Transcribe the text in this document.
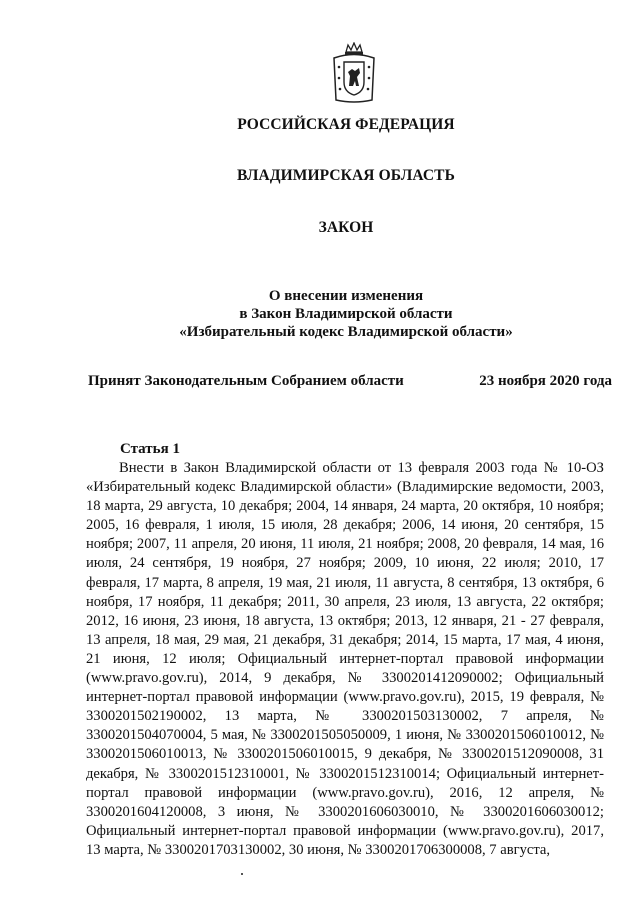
РОССИЙСКАЯ ФЕДЕРАЦИЯ
ВЛАДИМИРСКАЯ ОБЛАСТЬ
ЗАКОН
О внесении изменения
в Закон Владимирской области
«Избирательный кодекс Владимирской области»
Принят Законодательным Собранием области	23 ноября 2020 года
Статья 1
Внести в Закон Владимирской области от 13 февраля 2003 года № 10-ОЗ «Избирательный кодекс Владимирской области» (Владимирские ведомости, 2003, 18 марта, 29 августа, 10 декабря; 2004, 14 января, 24 марта, 20 октября, 10 ноября; 2005, 16 февраля, 1 июля, 15 июля, 28 декабря; 2006, 14 июня, 20 сентября, 15 ноября; 2007, 11 апреля, 20 июня, 11 июля, 21 ноября; 2008, 20 февраля, 14 мая, 16 июля, 24 сентября, 19 ноября, 27 ноября; 2009, 10 июня, 22 июля; 2010, 17 февраля, 17 марта, 8 апреля, 19 мая, 21 июля, 11 августа, 8 сентября, 13 октября, 6 ноября, 17 ноября, 11 декабря; 2011, 30 апреля, 23 июля, 13 августа, 22 октября; 2012, 16 июня, 23 июня, 18 августа, 13 октября; 2013, 12 января, 21 - 27 февраля, 13 апреля, 18 мая, 29 мая, 21 декабря, 31 декабря; 2014, 15 марта, 17 мая, 4 июня, 21 июня, 12 июля; Официальный интернет-портал правовой информации (www.pravo.gov.ru), 2014, 9 декабря, № 3300201412090002; Официальный интернет-портал правовой информации (www.pravo.gov.ru), 2015, 19 февраля, № 3300201502190002, 13 марта, № 3300201503130002, 7 апреля, № 3300201504070004, 5 мая, № 3300201505050009, 1 июня, № 3300201506010012, № 3300201506010013, № 3300201506010015, 9 декабря, № 3300201512090008, 31 декабря, № 3300201512310001, № 3300201512310014; Официальный интернет-портал правовой информации (www.pravo.gov.ru), 2016, 12 апреля, № 3300201604120008, 3 июня, № 3300201606030010, № 3300201606030012; Официальный интернет-портал правовой информации (www.pravo.gov.ru), 2017, 13 марта, № 3300201703130002, 30 июня, № 3300201706300008, 7 августа,
